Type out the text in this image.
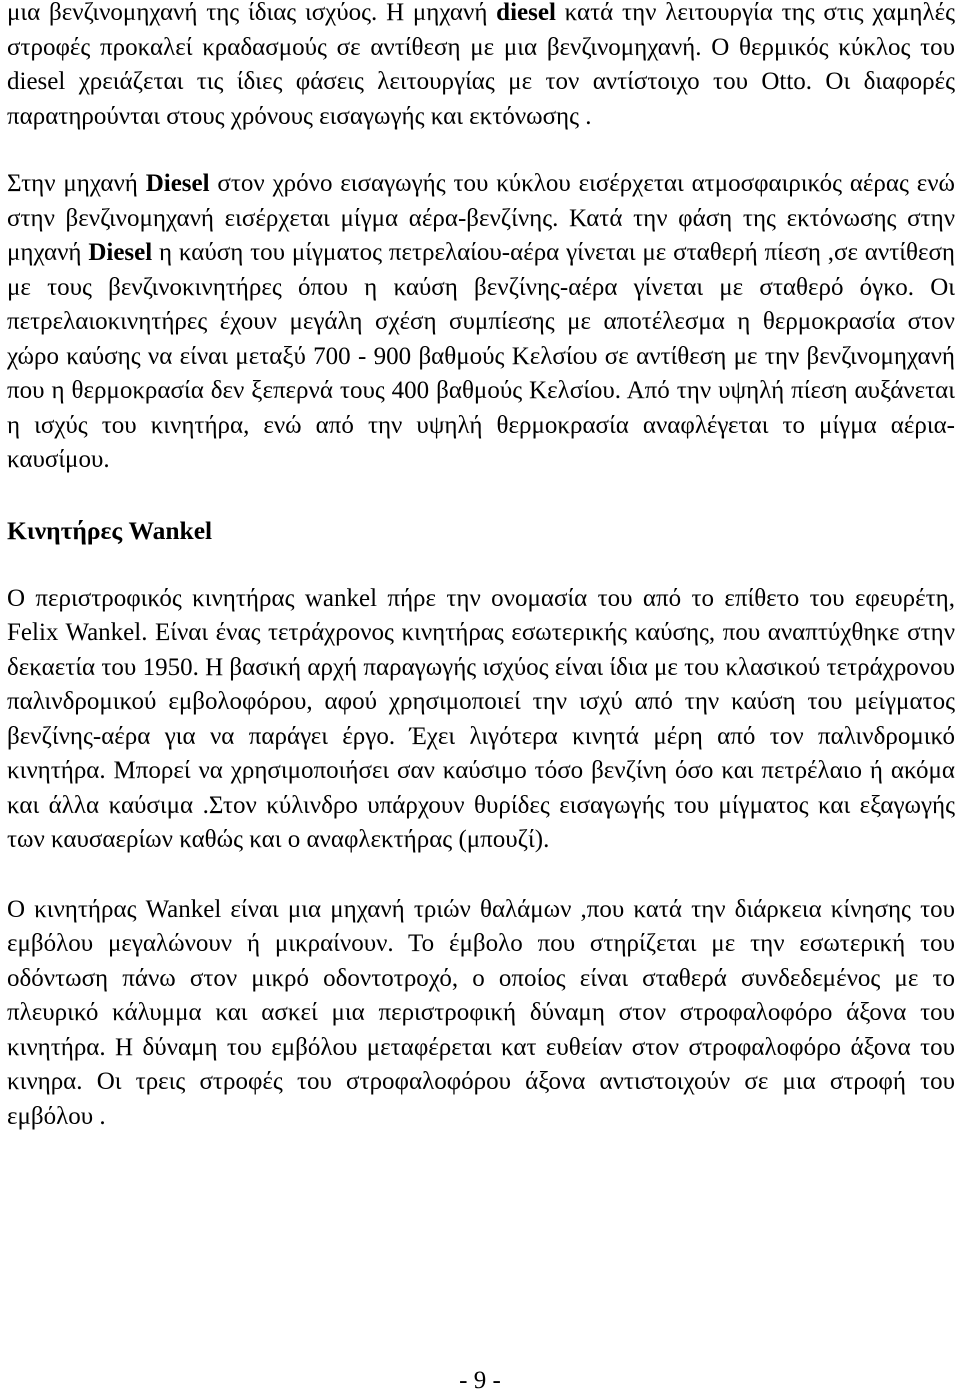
μια βενζινομηχανή της ίδιας ισχύος. Η μηχανή diesel κατά την λειτουργία της στις χαμηλές στροφές προκαλεί κραδασμούς σε αντίθεση με μια βενζινομηχανή. Ο θερμικός κύκλος του diesel χρειάζεται τις ίδιες φάσεις λειτουργίας με τον αντίστοιχο του Otto. Οι διαφορές παρατηρούνται στους χρόνους εισαγωγής και εκτόνωσης .

Στην μηχανή Diesel στον χρόνο εισαγωγής του κύκλου εισέρχεται ατμοσφαιρικός αέρας ενώ στην βενζινομηχανή εισέρχεται μίγμα αέρα-βενζίνης. Κατά την φάση της εκτόνωσης στην μηχανή Diesel η καύση του μίγματος πετρελαίου-αέρα γίνεται με σταθερή πίεση ,σε αντίθεση με τους βενζινοκινητήρες όπου η καύση βενζίνης-αέρα γίνεται με σταθερό όγκο. Οι πετρελαιοκινητήρες έχουν μεγάλη σχέση συμπίεσης με αποτέλεσμα η θερμοκρασία στον χώρο καύσης να είναι μεταξύ 700 - 900 βαθμούς Κελσίου σε αντίθεση με την βενζινομηχανή που η θερμοκρασία δεν ξεπερνά τους 400 βαθμούς Κελσίου. Από την υψηλή πίεση αυξάνεται η ισχύς του κινητήρα, ενώ από την υψηλή θερμοκρασία αναφλέγεται το μίγμα αέρια-καυσίμου.

Κινητήρες Wankel

Ο περιστροφικός κινητήρας wankel πήρε την ονομασία του από το επίθετο του εφευρέτη, Felix Wankel. Είναι ένας τετράχρονος κινητήρας εσωτερικής καύσης, που αναπτύχθηκε στην δεκαετία του 1950. Η βασική αρχή παραγωγής ισχύος είναι ίδια με του κλασικού τετράχρονου παλινδρομικού εμβολοφόρου, αφού χρησιμοποιεί την ισχύ από την καύση του μείγματος βενζίνης-αέρα για να παράγει έργο. Έχει λιγότερα κινητά μέρη από τον παλινδρομικό κινητήρα. Μπορεί να χρησιμοποιήσει σαν καύσιμο τόσο βενζίνη όσο και πετρέλαιο ή ακόμα και άλλα καύσιμα .Στον κύλινδρο υπάρχουν θυρίδες εισαγωγής του μίγματος και εξαγωγής των καυσαερίων καθώς και ο αναφλεκτήρας (μπουζί).

Ο κινητήρας Wankel είναι μια μηχανή τριών θαλάμων ,που κατά την διάρκεια κίνησης του εμβόλου μεγαλώνουν ή μικραίνουν. Το έμβολο που στηρίζεται με την εσωτερική του οδόντωση πάνω στον μικρό οδοντοτροχό, ο οποίος είναι σταθερά συνδεδεμένος με το πλευρικό κάλυμμα και ασκεί μια περιστροφική δύναμη στον στροφαλοφόρο άξονα του κινητήρα. Η δύναμη του εμβόλου μεταφέρεται κατ ευθείαν στον στροφαλοφόρο άξονα του κινηρα. Οι τρεις στροφές του στροφαλοφόρου άξονα αντιστοιχούν σε μια στροφή του εμβόλου .

- 9 -
